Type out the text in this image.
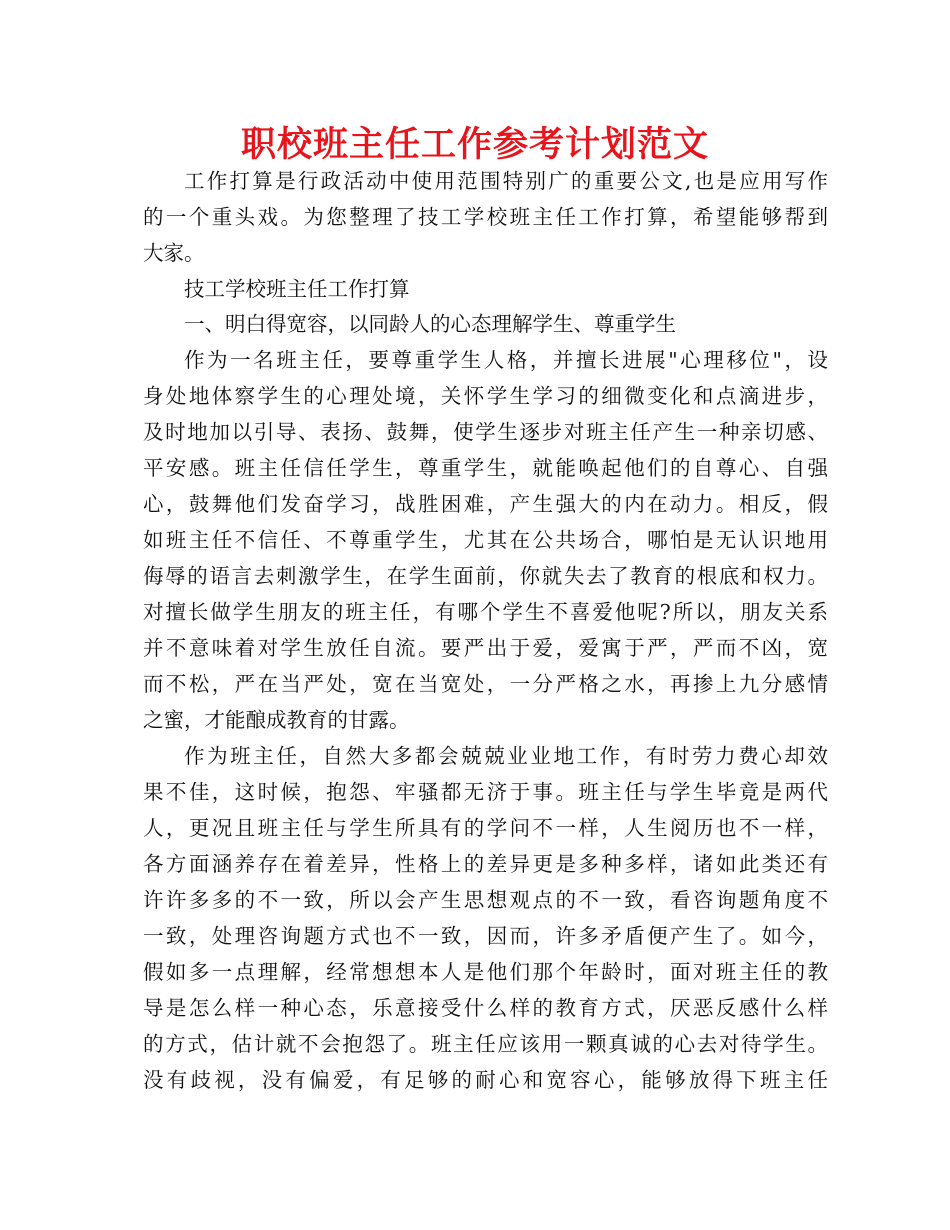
职校班主任工作参考计划范文
工作打算是行政活动中使用范围特别广的重要公文,也是应用写作
的一个重头戏。为您整理了技工学校班主任工作打算，希望能够帮到
大家。
技工学校班主任工作打算
一、明白得宽容，以同龄人的心态理解学生、尊重学生
作为一名班主任，要尊重学生人格，并擅长进展"心理移位"，设
身处地体察学生的心理处境，关怀学生学习的细微变化和点滴进步，
及时地加以引导、表扬、鼓舞，使学生逐步对班主任产生一种亲切感、
平安感。班主任信任学生，尊重学生，就能唤起他们的自尊心、自强
心，鼓舞他们发奋学习，战胜困难，产生强大的内在动力。相反，假
如班主任不信任、不尊重学生，尤其在公共场合，哪怕是无认识地用
侮辱的语言去刺激学生，在学生面前，你就失去了教育的根底和权力。
对擅长做学生朋友的班主任，有哪个学生不喜爱他呢?所以，朋友关系
并不意味着对学生放任自流。要严出于爱，爱寓于严，严而不凶，宽
而不松，严在当严处，宽在当宽处，一分严格之水，再掺上九分感情
之蜜，才能酿成教育的甘露。
作为班主任，自然大多都会兢兢业业地工作，有时劳力费心却效
果不佳，这时候，抱怨、牢骚都无济于事。班主任与学生毕竟是两代
人，更况且班主任与学生所具有的学问不一样，人生阅历也不一样，
各方面涵养存在着差异，性格上的差异更是多种多样，诸如此类还有
许许多多的不一致，所以会产生思想观点的不一致，看咨询题角度不
一致，处理咨询题方式也不一致，因而，许多矛盾便产生了。如今，
假如多一点理解，经常想想本人是他们那个年龄时，面对班主任的教
导是怎么样一种心态，乐意接受什么样的教育方式，厌恶反感什么样
的方式，估计就不会抱怨了。班主任应该用一颗真诚的心去对待学生。
没有歧视，没有偏爱，有足够的耐心和宽容心，能够放得下班主任
